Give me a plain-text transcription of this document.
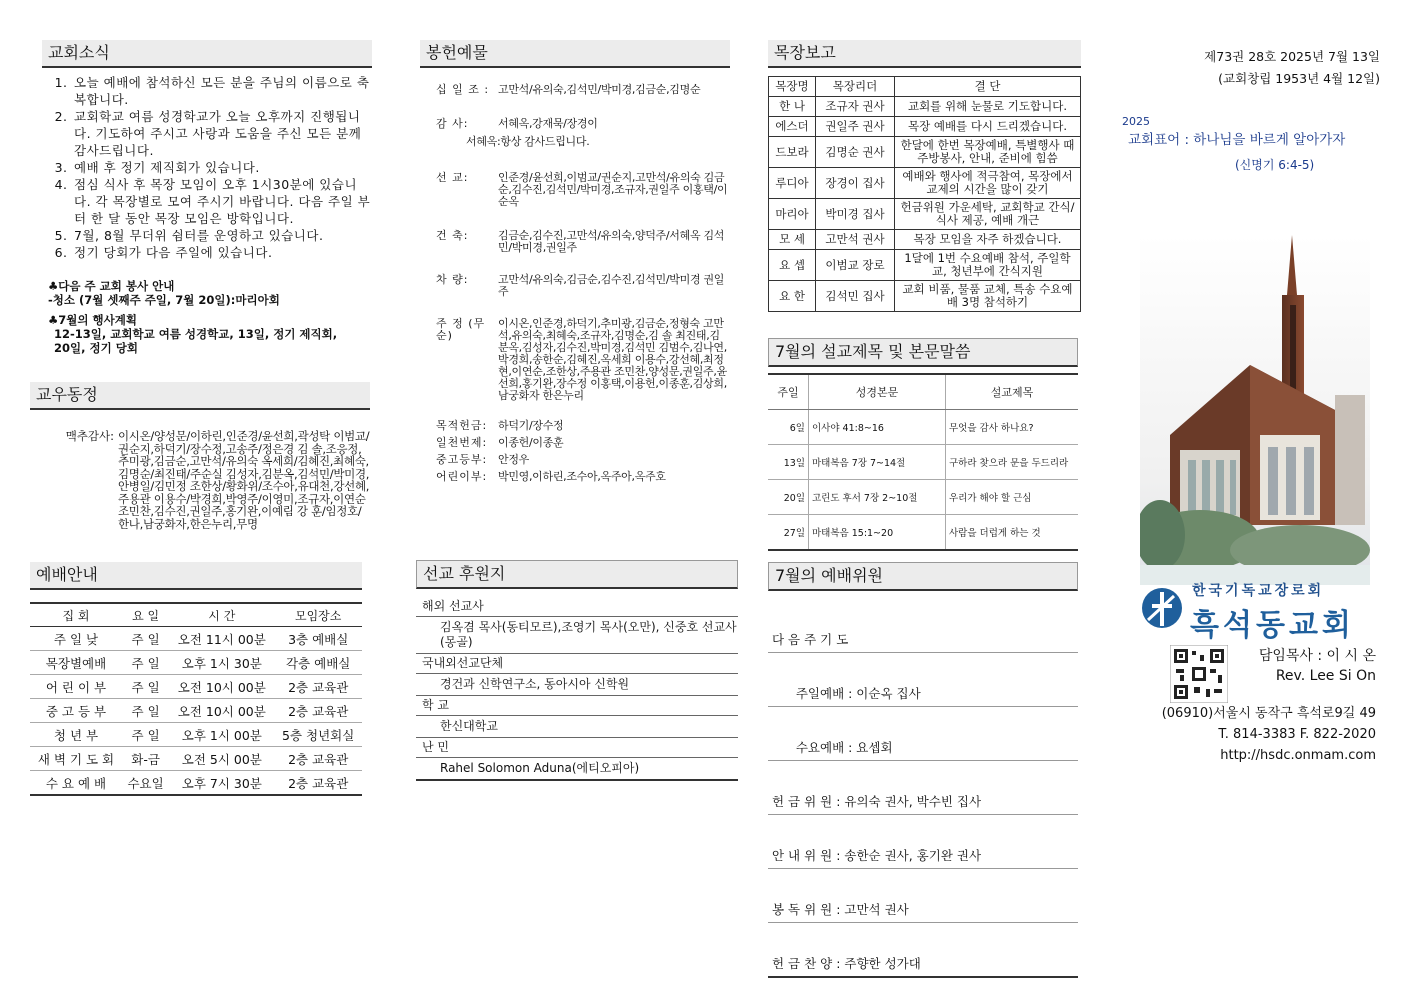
교회소식
1. 오늘 예배에 참석하신 모든 분을 주님의 이름으로 축복합니다.
2. 교회학교 여름 성경학교가 오늘 오후까지 진행됩니다. 기도하여 주시고 사랑과 도움을 주신 모든 분께 감사드립니다.
3. 예배 후 정기 제직회가 있습니다.
4. 점심 식사 후 목장 모임이 오후 1시30분에 있습니다. 각 목장별로 모여 주시기 바랍니다. 다음 주일 부터 한 달 동안 목장 모임은 방학입니다.
5. 7월, 8월 무더위 쉼터를 운영하고 있습니다.
6. 정기 당회가 다음 주일에 있습니다.
♣다음 주 교회 봉사 안내
-청소 (7월 셋째주 주일, 7월 20일):마리아회
♣7월의 행사계획
12-13일, 교회학교 여름 성경학교, 13일, 정기 제직회,
20일, 정기 당회
교우동정
맥추감사: 이시온/양성문/이하린,인준경/윤선희,곽성탁 이범교/권순지,하덕기/장수정,고송주/정은경 김 솔,조응정,추미광,김금순,고만석/유의숙 옥세희/김혜진,최혜숙,김명순/최진태/주순실 김성자,김분옥,김석민/박미경,안병일/김민정 조한상/황화위/조수아,유대천,강선혜,주용관 이용수/박경희,박영주/이영미,조규자,이연순 조민찬,김수진,권일주,홍기완,이예림 강 훈/임정호/한나,남궁화자,한은누리,무명
예배안내
집 회	요 일	시 간	모임장소
주 일 낮	주 일	오전 11시 00분	3층 예배실
목장별예배	주 일	오후 1시 30분	각층 예배실
어 린 이 부	주 일	오전 10시 00분	2층 교육관
중 고 등 부	주 일	오전 10시 00분	2층 교육관
청 년 부	주 일	오후 1시 00분	5층 청년회실
새 벽 기 도 회	화-금	오전 5시 00분	2층 교육관
수 요 예 배	수요일	오후 7시 30분	2층 교육관
봉헌예물
십 일 조 : 고만석/유의숙,김석민/박미경,김금순,김명순
감 사:	서혜옥,강재묵/장경이
서혜옥:항상 감사드립니다.
선 교:	인준경/윤선희,이범교/권순지,고만석/유의숙 김금순,김수진,김석민/박미경,조규자,권일주 이홍택/이순옥
건 축:	김금순,김수진,고만석/유의숙,양덕주/서혜옥 김석민/박미경,권일주
차 량:	고만석/유의숙,김금순,김수진,김석민/박미경 권일주
주 정 (무 순)
이시온,인준경,하덕기,추미광,김금순,정형숙 고만석,유의숙,최혜숙,조규자,김명순,김 솔 최진태,김분옥,김성자,김수진,박미경,김석민 김범수,김나연,박경희,송한순,김혜진,옥세희 이용수,강선혜,최정현,이연순,조한상,주용관 조민찬,양성문,권일주,윤선희,홍기완,장수정 이홍택,이용헌,이종훈,김상희,남궁화자 한은누리
목적헌금: 하덕기/장수정
일천번제: 이종헌/이종훈
중고등부: 안정우
어린이부: 박민영,이하린,조수아,옥주아,옥주호
선교 후원지
해외 선교사
김옥겸 목사(동티모르),조영기 목사(오만), 신중호 선교사(몽골)
국내외선교단체
경건과 신학연구소, 동아시아 신학원
학 교
한신대학교
난 민
Rahel Solomon Aduna(에티오피아)
목장보고
목장명	목장리더	결 단
한 나	조규자 권사	교회를 위해 눈물로 기도합니다.
에스더	권일주 권사	목장 예배를 다시 드리겠습니다.
드보라	김명순 권사	한달에 한번 목장예배, 특별행사 때 주방봉사, 안내, 준비에 힘씀
루디아	장경이 집사	예배와 행사에 적극참여, 목장에서 교제의 시간을 많이 갖기
마리아	박미경 집사	헌금위원 가운세탁, 교회학교 간식/식사 제공, 예배 개근
모 세	고만석 권사	목장 모임을 자주 하겠습니다.
요 셉	이범교 장로	1달에 1번 수요예배 참석, 주일학교, 청년부에 간식지원
요 한	김석민 집사	교회 비품, 물품 교체, 특송 수요예배 3명 참석하기
7월의 설교제목 및 본문말씀
주일	성경본문	설교제목
6일	이사야 41:8~16	무엇을 감사 하나요?
13일	마태복음 7장 7~14절	구하라 찾으라 문을 두드리라
20일	고린도 후서 7장 2~10절	우리가 해야 할 근심
27일	마태복음 15:1~20	사람을 더럽게 하는 것
7월의 예배위원

다 음 주 기 도

주일예배 : 이순옥 집사

수요예배 : 요셉회

헌 금 위 원 : 유의숙 권사, 박수빈 집사

안 내 위 원 : 송한순 권사, 홍기완 권사

봉 독 위 원 : 고만석 권사

헌 금 찬 양 : 주향한 성가대

제73권 28호 2025년 7월 13일
(교회창립 1953년 4월 12일)
2025
교회표어 : 하나님을 바르게 알아가자
(신명기 6:4-5)
한국기독교장로회
흑석동교회
담임목사 : 이 시 온
Rev. Lee Si On
(06910)서울시 동작구 흑석로9길 49
T. 814-3383 F. 822-2020
http://hsdc.onmam.com
